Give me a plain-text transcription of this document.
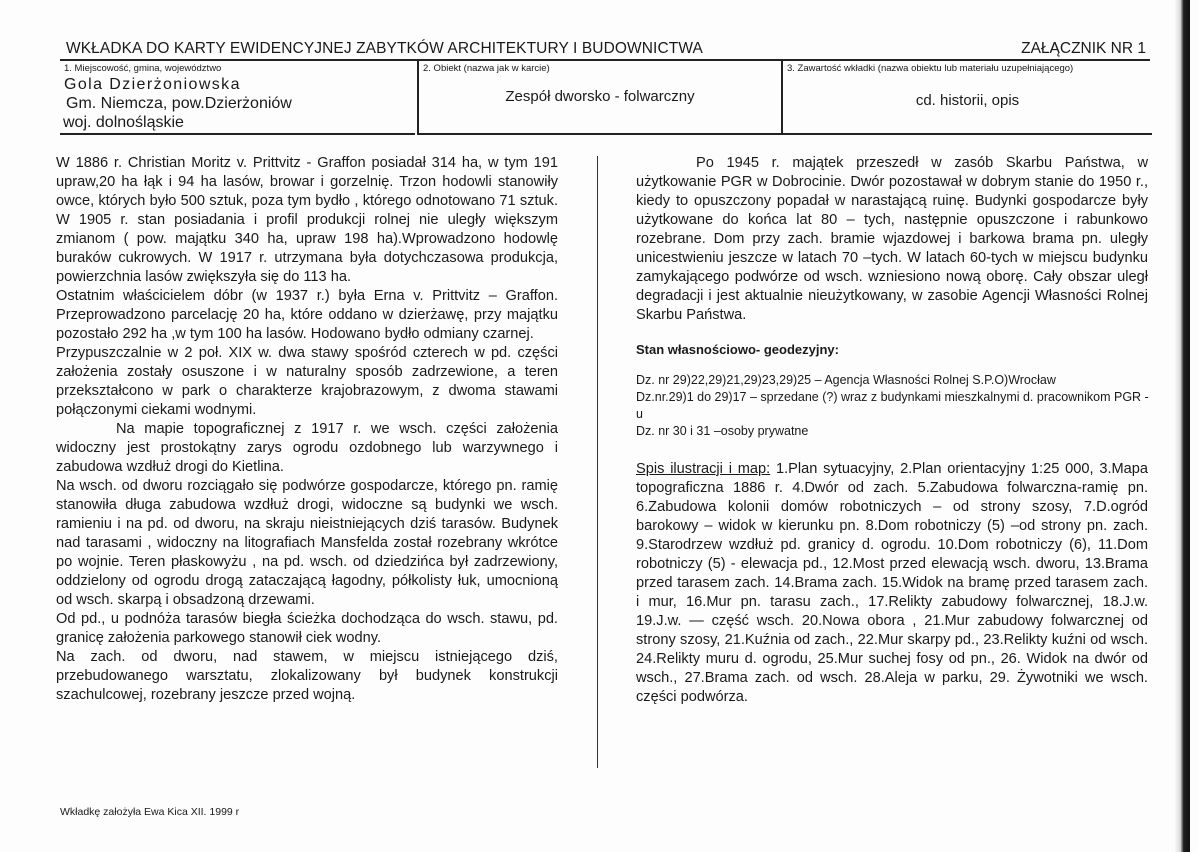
WKŁADKA DO KARTY EWIDENCYJNEJ ZABYTKÓW ARCHITEKTURY I BUDOWNICTWA	ZAŁĄCZNIK NR 1
1. Miejscowość, gmina, województwo
Gola Dzierżoniowska
Gm. Niemcza, pow.Dzierżoniów
woj. dolnośląskie
2. Obiekt (nazwa jak w karcie)
Zespół dworsko - folwarczny
3. Zawartość wkładki (nazwa obiektu lub materiału uzupełniającego)
cd. historii, opis

W 1886 r. Christian Moritz v. Prittvitz - Graffon posiadał 314 ha, w tym 191 upraw,20 ha łąk i 94 ha lasów, browar i gorzelnię. Trzon hodowli stanowiły owce, których było 500 sztuk, poza tym bydło , którego odnotowano 71 sztuk. W 1905 r. stan posiadania i profil produkcji rolnej nie uległy większym zmianom ( pow. majątku 340 ha, upraw 198 ha).Wprowadzono hodowlę buraków cukrowych. W 1917 r. utrzymana była dotychczasowa produkcja, powierzchnia lasów zwiększyła się do 113 ha.

Ostatnim właścicielem dóbr (w 1937 r.) była Erna v. Prittvitz – Graffon. Przeprowadzono parcelację 20 ha, które oddano w dzierżawę, przy majątku pozostało 292 ha ,w tym 100 ha lasów. Hodowano bydło odmiany czarnej.

Przypuszczalnie w 2 poł. XIX w. dwa stawy spośród czterech w pd. części założenia zostały osuszone i w naturalny sposób zadrzewione, a teren przekształcono w park o charakterze krajobrazowym, z dwoma stawami połączonymi ciekami wodnymi.

Na mapie topograficznej z 1917 r. we wsch. części założenia widoczny jest prostokątny zarys ogrodu ozdobnego lub warzywnego i zabudowa wzdłuż drogi do Kietlina.

Na wsch. od dworu rozciągało się podwórze gospodarcze, którego pn. ramię stanowiła długa zabudowa wzdłuż drogi, widoczne są budynki we wsch. ramieniu i na pd. od dworu, na skraju nieistniejących dziś tarasów. Budynek nad tarasami , widoczny na litografiach Mansfelda został rozebrany wkrótce po wojnie. Teren płaskowyżu , na pd. wsch. od dziedzińca był zadrzewiony, oddzielony od ogrodu drogą zataczającą łagodny, półkolisty łuk, umocnioną od wsch. skarpą i obsadzoną drzewami.

Od pd., u podnóża tarasów biegła ścieżka dochodząca do wsch. stawu, pd. granicę założenia parkowego stanowił ciek wodny.

Na zach. od dworu, nad stawem, w miejscu istniejącego dziś, przebudowanego warsztatu, zlokalizowany był budynek konstrukcji szachulcowej, rozebrany jeszcze przed wojną.

Po 1945 r. majątek przeszedł w zasób Skarbu Państwa, w użytkowanie PGR w Dobrocinie. Dwór pozostawał w dobrym stanie do 1950 r., kiedy to opuszczony popadał w narastającą ruinę. Budynki gospodarcze były użytkowane do końca lat 80 – tych, następnie opuszczone i rabunkowo rozebrane. Dom przy zach. bramie wjazdowej i barkowa brama pn. uległy unicestwieniu jeszcze w latach 70 –tych. W latach 60-tych w miejscu budynku zamykającego podwórze od wsch. wzniesiono nową oborę. Cały obszar uległ degradacji i jest aktualnie nieużytkowany, w zasobie Agencji Własności Rolnej Skarbu Państwa.

Stan własnościowo- geodezyjny:

Dz. nr 29)22,29)21,29)23,29)25 – Agencja Własności Rolnej S.P.O)Wrocław

Dz.nr.29)1 do 29)17 – sprzedane (?) wraz z budynkami mieszkalnymi d. pracownikom PGR - u

Dz. nr 30 i 31 –osoby prywatne

Spis ilustracji i map: 1.Plan sytuacyjny, 2.Plan orientacyjny 1:25 000, 3.Mapa topograficzna 1886 r. 4.Dwór od zach. 5.Zabudowa folwarczna-ramię pn. 6.Zabudowa kolonii domów robotniczych – od strony szosy, 7.D.ogród barokowy – widok w kierunku pn. 8.Dom robotniczy (5) –od strony pn. zach. 9.Starodrzew wzdłuż pd. granicy d. ogrodu. 10.Dom robotniczy (6), 11.Dom robotniczy (5) - elewacja pd., 12.Most przed elewacją wsch. dworu, 13.Brama przed tarasem zach. 14.Brama zach. 15.Widok na bramę przed tarasem zach. i mur, 16.Mur pn. tarasu zach., 17.Relikty zabudowy folwarcznej, 18.J.w. 19.J.w. — część wsch. 20.Nowa obora , 21.Mur zabudowy folwarcznej od strony szosy, 21.Kuźnia od zach., 22.Mur skarpy pd., 23.Relikty kuźni od wsch. 24.Relikty muru d. ogrodu, 25.Mur suchej fosy od pn., 26. Widok na dwór od wsch., 27.Brama zach. od wsch. 28.Aleja w parku, 29. Żywotniki we wsch. części podwórza.
Wkładkę założyła Ewa Kica XII. 1999 r
